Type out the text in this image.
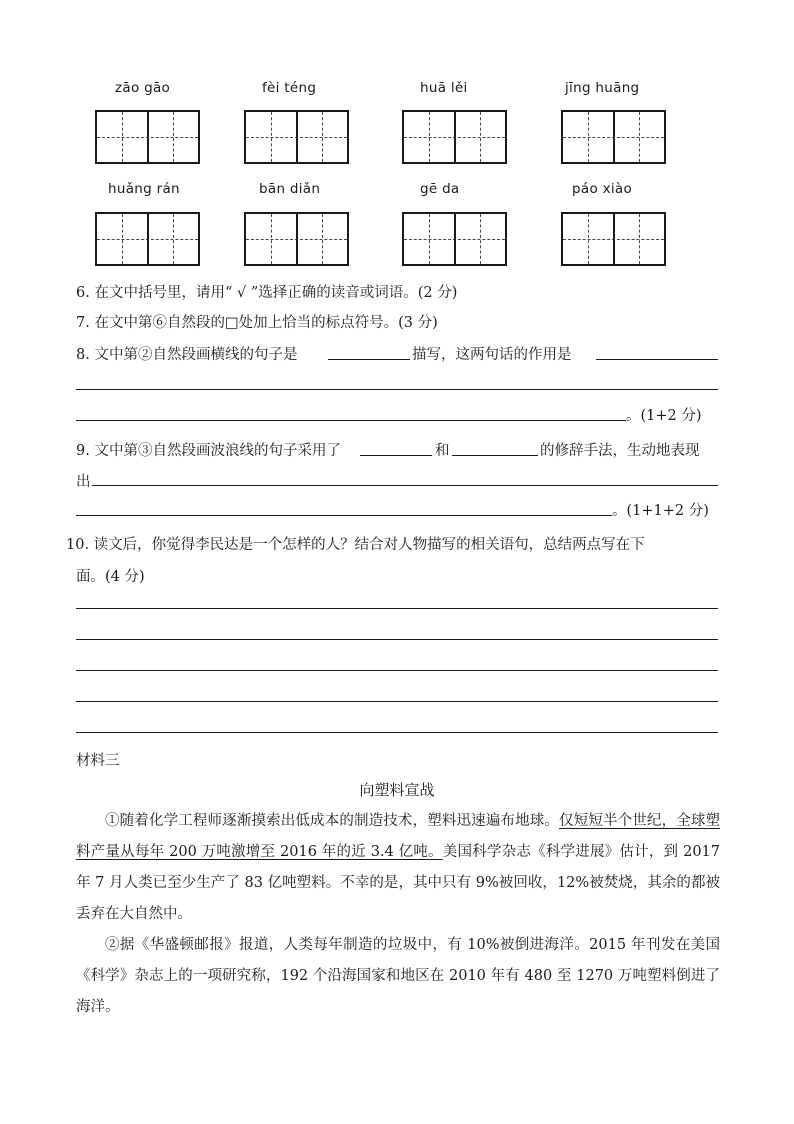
zāo gāo	fèi téng	huā lěi	jīng huāng
huǎng rán	bān diǎn	gē da	páo xiào
6. 在文中括号里，请用“ √ ”选择正确的读音或词语。(2 分)
7. 在文中第⑥自然段的□处加上恰当的标点符号。(3 分)
8. 文中第②自然段画横线的句子是	描写，这两句话的作用是
。(1+2 分)
9. 文中第③自然段画波浪线的句子采用了	和	的修辞手法，生动地表现
出
。(1+1+2 分)
10. 读文后，你觉得李民达是一个怎样的人？结合对人物描写的相关语句，总结两点写在下
面。(4 分)
材料三
向塑料宣战
①随着化学工程师逐渐摸索出低成本的制造技术，塑料迅速遍布地球。仅短短半个世纪，全球塑料产量从每年 200 万吨激增至 2016 年的近 3.4 亿吨。美国科学杂志《科学进展》估计，到 2017 年 7 月人类已至少生产了 83 亿吨塑料。不幸的是，其中只有 9%被回收，12%被焚烧，其余的都被丢弃在大自然中。
②据《华盛顿邮报》报道，人类每年制造的垃圾中，有 10%被倒进海洋。2015 年刊发在美国《科学》杂志上的一项研究称，192 个沿海国家和地区在 2010 年有 480 至 1270 万吨塑料倒进了海洋。
